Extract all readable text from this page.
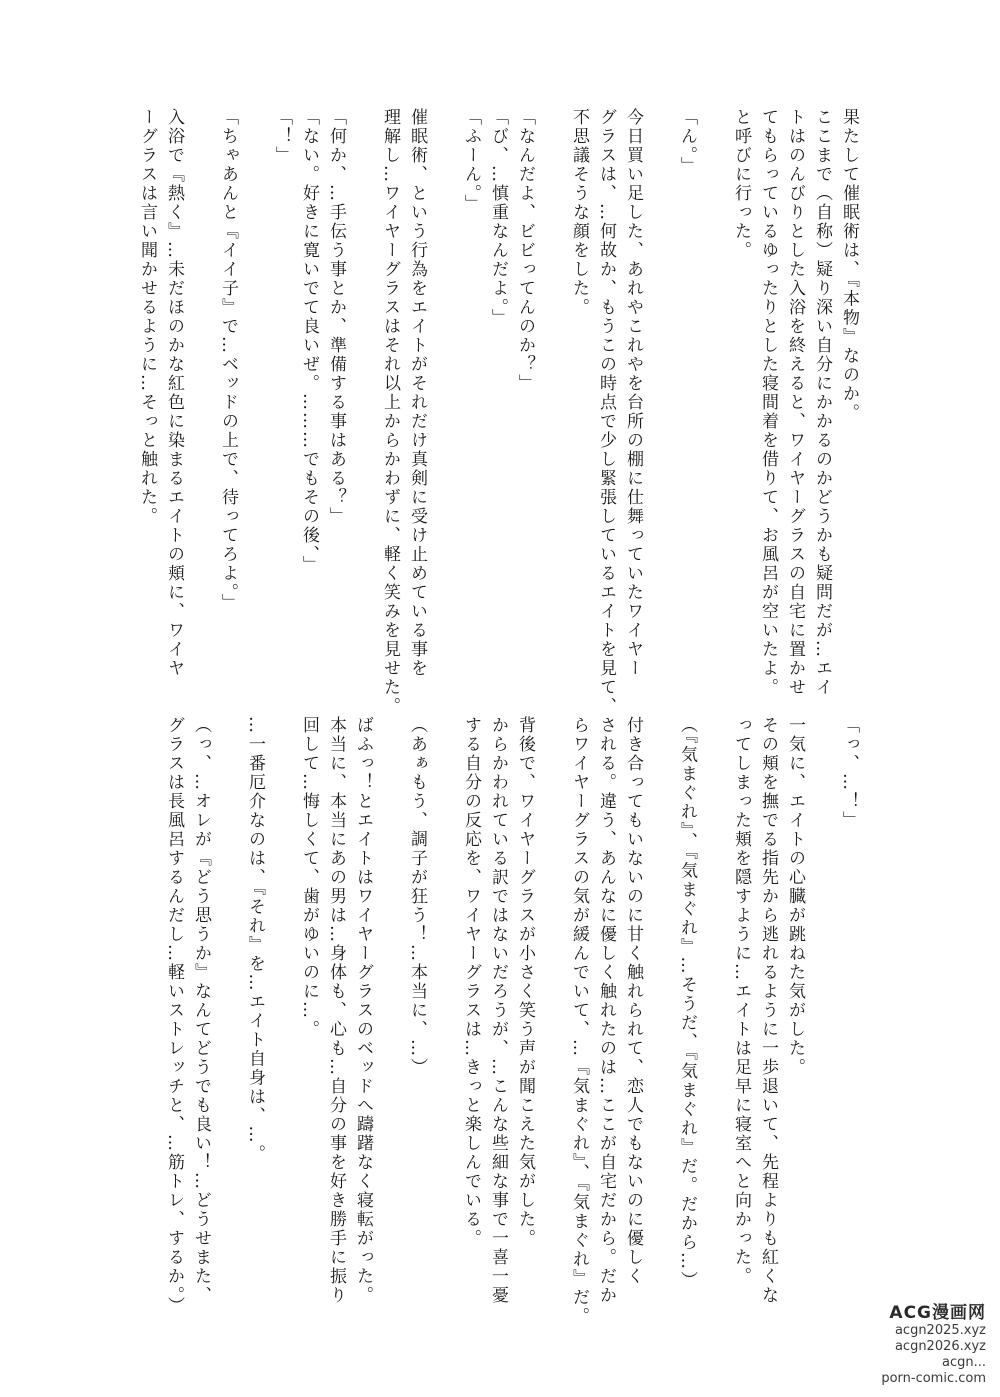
果たして催眠術は、『本物』なのか。
ここまで（自称）疑り深い自分にかかるのかどうかも疑問だが…エイ
トはのんびりとした入浴を終えると、ワイヤーグラスの自宅に置かせ
てもらっているゆったりとした寝間着を借りて、お風呂が空いたよ。
と呼びに行った。

「ん。」

今日買い足した、あれやこれやを台所の棚に仕舞っていたワイヤー
グラスは、…何故か、もうこの時点で少し緊張しているエイトを見て、
不思議そうな顔をした。

「なんだよ、ビビってんのか？」
「び、…慎重なんだよ。」
「ふーん。」

催眠術、という行為をエイトがそれだけ真剣に受け止めている事を
理解し…ワイヤーグラスはそれ以上からかわずに、軽く笑みを見せた。

「何か、…手伝う事とか、準備する事はある？」
「ない。好きに寛いでて良いぜ。………でもその後、」
「！」

「ちゃあんと『イイ子』で…ベッドの上で、待ってろよ。」

入浴で『熱く』…未だほのかな紅色に染まるエイトの頬に、ワイヤ
ーグラスは言い聞かせるように…そっと触れた。
「っ、…！」

一気に、エイトの心臓が跳ねた気がした。
その頬を撫でる指先から逃れるように一歩退いて、先程よりも紅くな
ってしまった頬を隠すように…エイトは足早に寝室へと向かった。

（『気まぐれ』、『気まぐれ』…そうだ、『気まぐれ』だ。だから…）

付き合ってもいないのに甘く触れられて、恋人でもないのに優しく
される。違う、あんなに優しく触れたのは…ここが自宅だから。だか
らワイヤーグラスの気が緩んでいて、…『気まぐれ』、『気まぐれ』だ。

背後で、ワイヤーグラスが小さく笑う声が聞こえた気がした。
からかわれている訳ではないだろうが、…こんな些細な事で一喜一憂
する自分の反応を、ワイヤーグラスは…きっと楽しんでいる。

（あぁもう、調子が狂う！…本当に、…）

ばふっ！とエイトはワイヤーグラスのベッドへ躊躇なく寝転がった。
本当に、本当にあの男は…身体も、心も…自分の事を好き勝手に振り
回して…悔しくて、歯がゆいのに…。

…一番厄介なのは、『それ』を…エイト自身は、…。

（っ、…オレが『どう思うか』なんてどうでも良い！…どうせまた、
グラスは長風呂するんだし…軽いストレッチと、…筋トレ、するか。）	ACG漫画网
acgn2025.xyz
acgn2026.xyz
acgn...
porn-comic.com
